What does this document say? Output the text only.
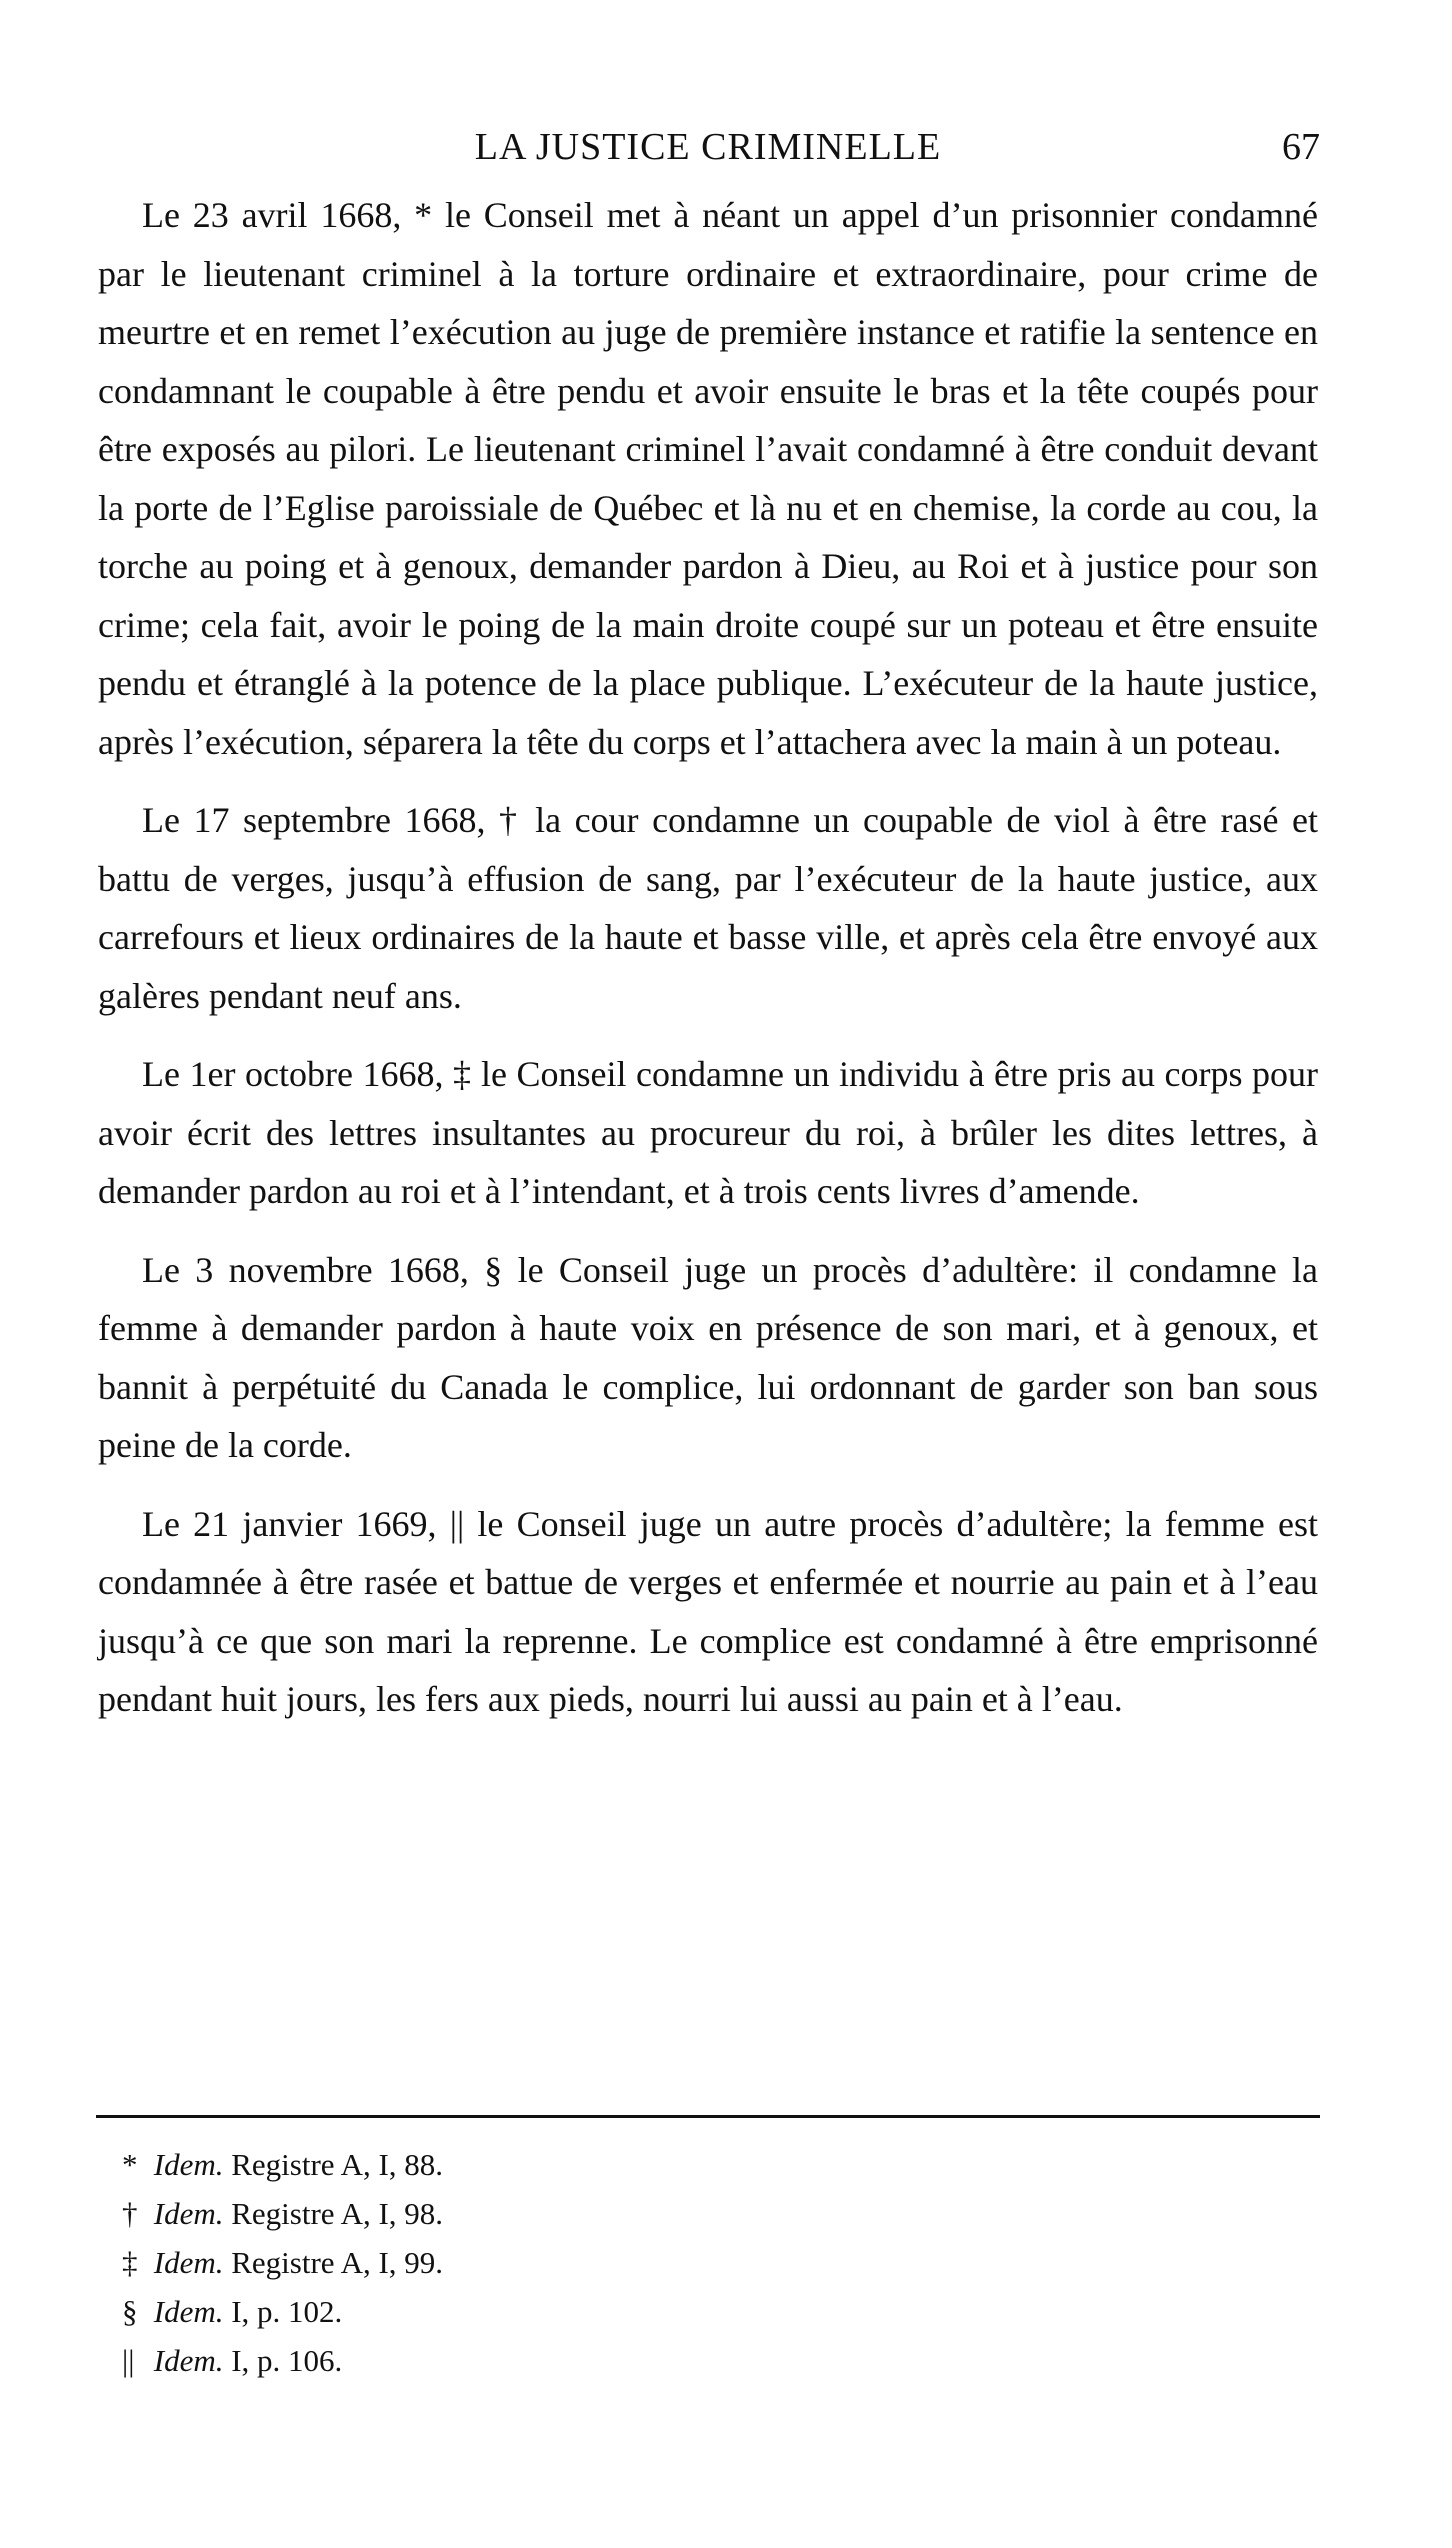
LA JUSTICE CRIMINELLE	67

Le 23 avril 1668, * le Conseil met à néant un appel d’un prisonnier condamné par le lieutenant criminel à la torture ordinaire et extraordinaire, pour crime de meurtre et en remet l’exécution au juge de première instance et ratifie la sentence en condamnant le coupable à être pendu et avoir ensuite le bras et la tête coupés pour être exposés au pilori. Le lieutenant criminel l’avait condamné à être conduit devant la porte de l’Eglise paroissiale de Québec et là nu et en chemise, la corde au cou, la torche au poing et à genoux, demander pardon à Dieu, au Roi et à justice pour son crime; cela fait, avoir le poing de la main droite coupé sur un poteau et être ensuite pendu et étranglé à la potence de la place publique. L’exécuteur de la haute justice, après l’exécution, séparera la tête du corps et l’attachera avec la main à un poteau.

Le 17 septembre 1668, † la cour condamne un coupable de viol à être rasé et battu de verges, jusqu’à effusion de sang, par l’exécuteur de la haute justice, aux carrefours et lieux ordinaires de la haute et basse ville, et après cela être envoyé aux galères pendant neuf ans.

Le 1er octobre 1668, ‡ le Conseil condamne un individu à être pris au corps pour avoir écrit des lettres insultantes au procureur du roi, à brûler les dites lettres, à demander pardon au roi et à l’intendant, et à trois cents livres d’amende.

Le 3 novembre 1668, § le Conseil juge un procès d’adultère: il condamne la femme à demander pardon à haute voix en présence de son mari, et à genoux, et bannit à perpétuité du Canada le complice, lui ordonnant de garder son ban sous peine de la corde.

Le 21 janvier 1669, || le Conseil juge un autre procès d’adultère; la femme est condamnée à être rasée et battue de verges et enfermée et nourrie au pain et à l’eau jusqu’à ce que son mari la reprenne. Le complice est condamné à être emprisonné pendant huit jours, les fers aux pieds, nourri lui aussi au pain et à l’eau.

* Idem. Registre A, I, 88.
† Idem. Registre A, I, 98.
‡ Idem. Registre A, I, 99.
§ Idem. I, p. 102.
|| Idem. I, p. 106.
